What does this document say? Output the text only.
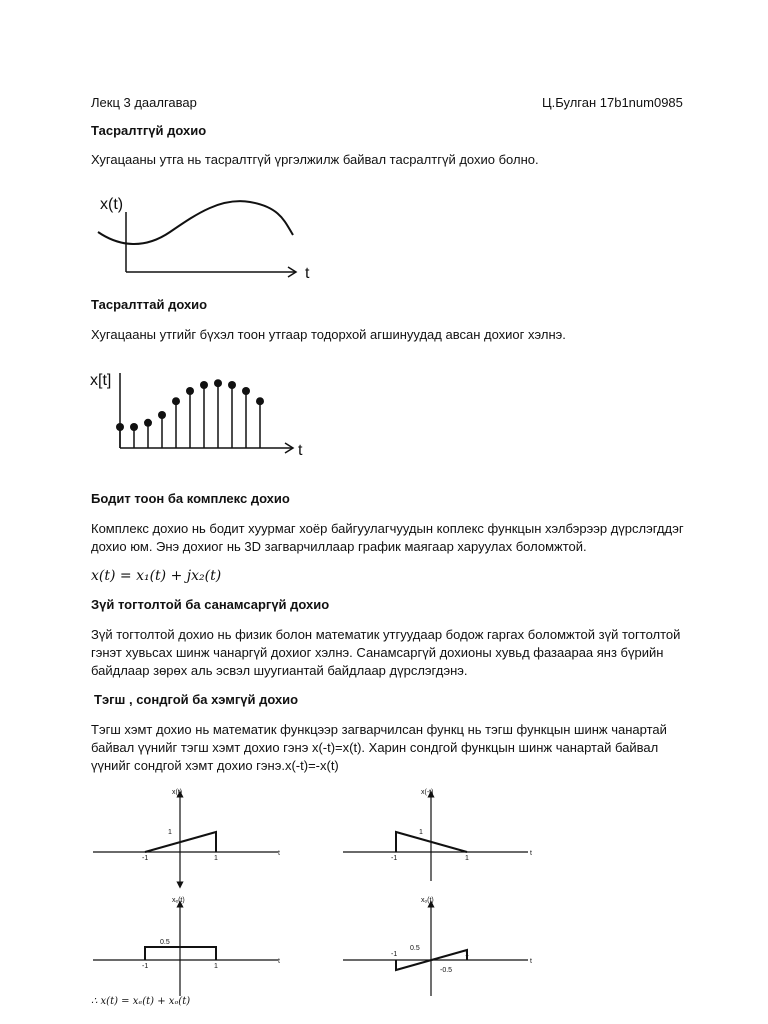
Лекц 3 даалгавар	Ц.Булган 17b1num0985
Тасралтгүй дохио
Хугацааны утга нь тасралтгүй үргэлжилж байвал тасралтгүй дохио болно.
x(t)
t
Тасралттай дохио
Хугацааны утгийг бүхэл тоон утгаар тодорхой агшинуудад авсан дохиог хэлнэ.
x[t]
t
Бодит тоон ба комплекс дохио
Комплекс дохио нь бодит хуурмаг хоёр байгуулагчуудын коплекс функцын хэлбэрээр дүрслэгддэг
дохио юм. Энэ дохиог нь 3D загварчиллаар график маягаар харуулах боломжтой.
x(t) = x₁(t) + jx₂(t)
Зүй тогтолтой ба санамсаргүй дохио
Зүй тогтолтой дохио нь физик болон математик утгуудаар бодож гаргах боломжтой зүй тогтолтой
гэнэт хувьсах шинж чанаргүй дохиог хэлнэ. Санамсаргүй дохионы хувьд фазаараа янз бүрийн
байдлаар зөрөх аль эсвэл шуугиантай байдлаар дүрслэгдэнэ.
Тэгш , сондгой ба хэмгүй дохио
Тэгш хэмт дохио нь математик функцээр загварчилсан функц нь тэгш функцын шинж чанартай
байвал үүнийг тэгш хэмт дохио гэнэ x(-t)=x(t). Харин сондгой функцын шинж чанартай байвал
үүнийг сондгой хэмт дохио гэнэ.x(-t)=-x(t)
x(t)
1
-1	1
t
x(-t)
1
-1	1
t
xₑ(t)
0.5
-1	1
t
xₒ(t)
0.5
-0.5
-1	1
t
∴ x(t) = xₑ(t) + xₒ(t)
